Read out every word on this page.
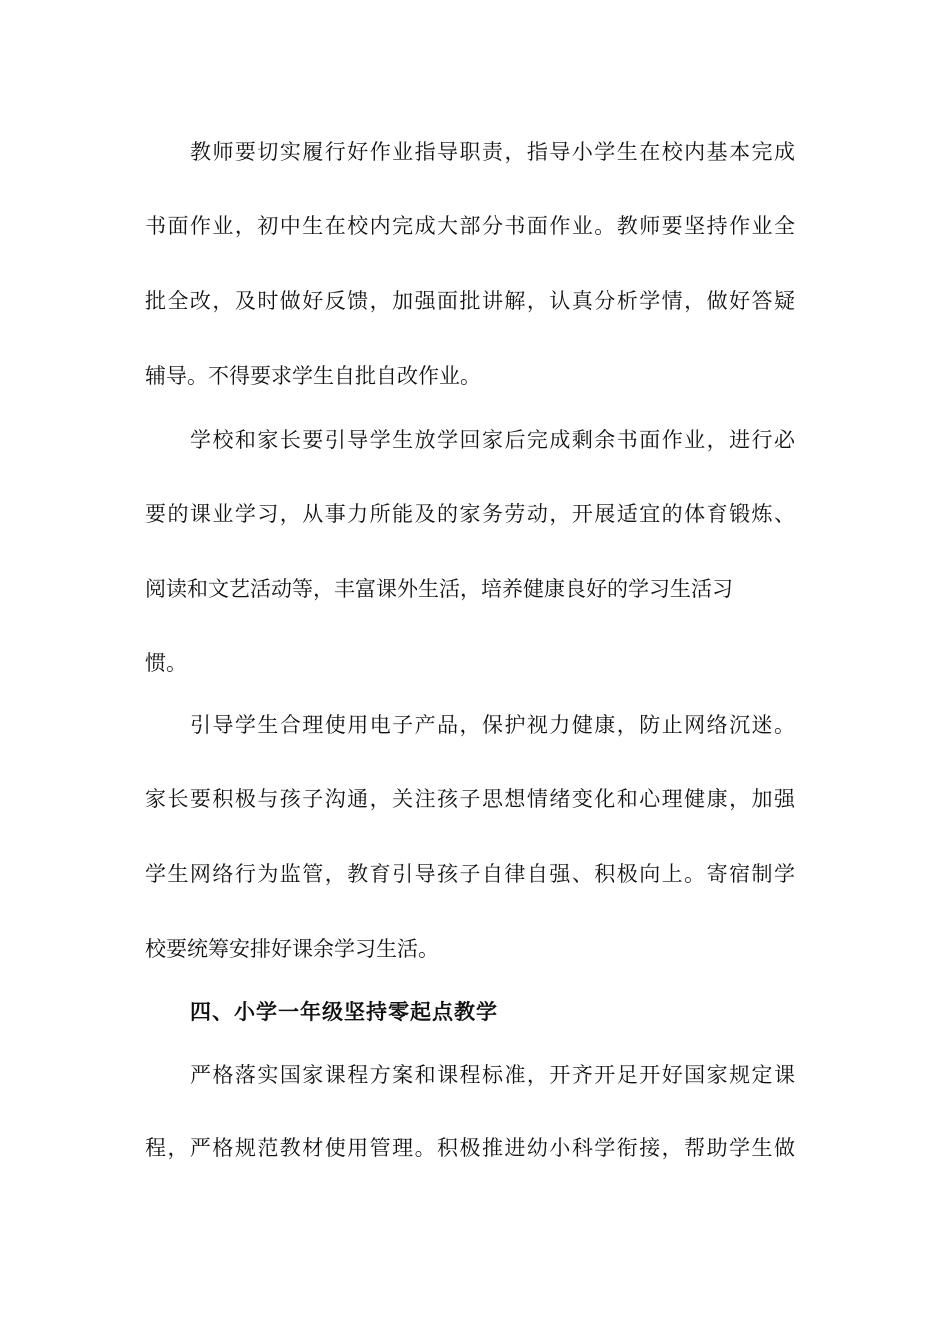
教师要切实履行好作业指导职责，指导小学生在校内基本完成
书面作业，初中生在校内完成大部分书面作业。教师要坚持作业全
批全改，及时做好反馈，加强面批讲解，认真分析学情，做好答疑
辅导。不得要求学生自批自改作业。
学校和家长要引导学生放学回家后完成剩余书面作业，进行必
要的课业学习，从事力所能及的家务劳动，开展适宜的体育锻炼、
阅读和文艺活动等，丰富课外生活，培养健康良好的学习生活习
惯。
引导学生合理使用电子产品，保护视力健康，防止网络沉迷。
家长要积极与孩子沟通，关注孩子思想情绪变化和心理健康，加强
学生网络行为监管，教育引导孩子自律自强、积极向上。寄宿制学
校要统筹安排好课余学习生活。
四、小学一年级坚持零起点教学
严格落实国家课程方案和课程标准，开齐开足开好国家规定课
程，严格规范教材使用管理。积极推进幼小科学衔接，帮助学生做
